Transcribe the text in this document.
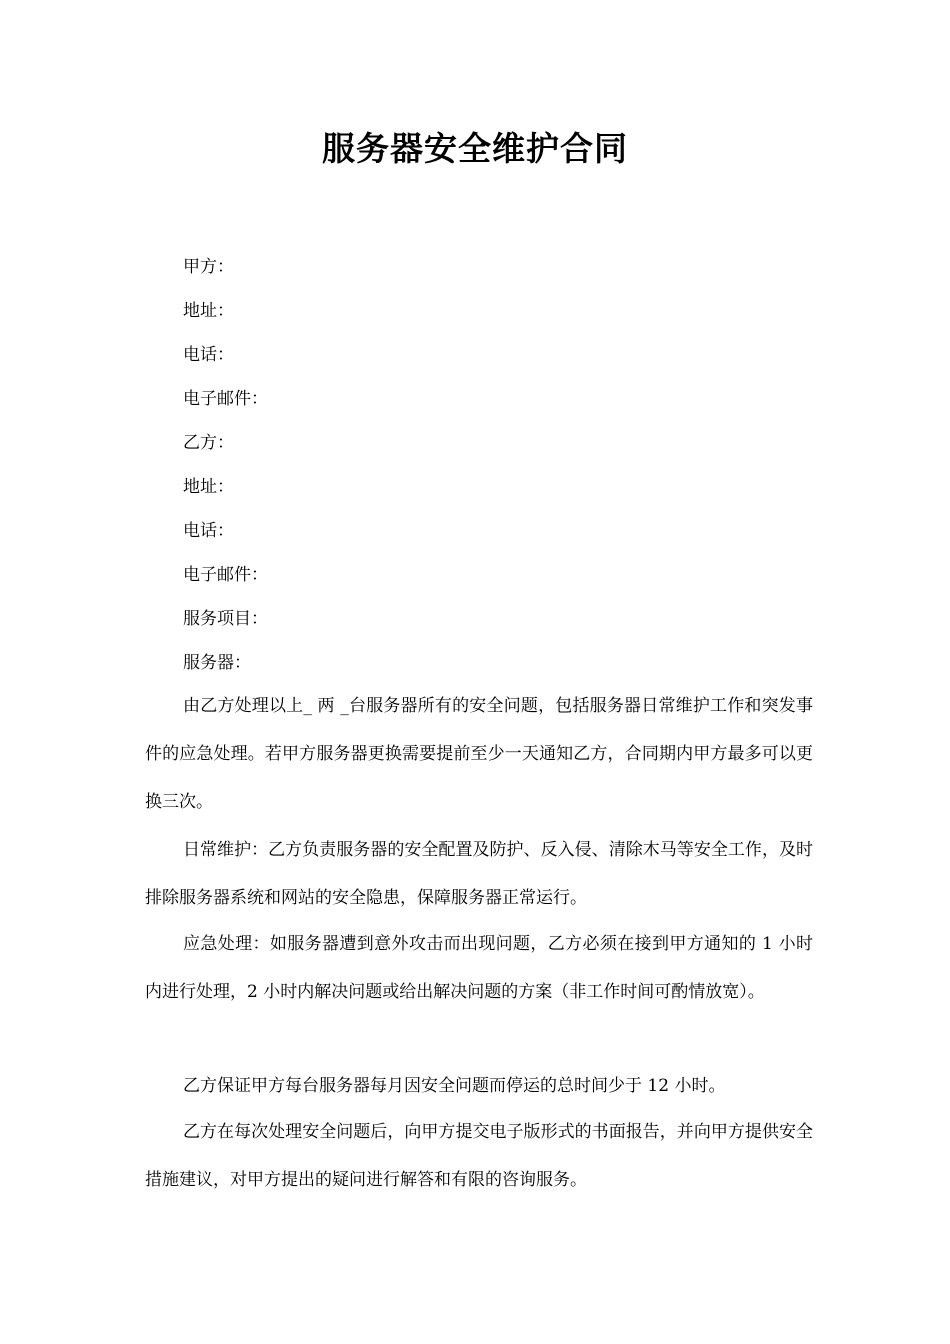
服务器安全维护合同

甲方：

地址：

电话：

电子邮件：

乙方：

地址：

电话：

电子邮件：

服务项目：

服务器：

由乙方处理以上_ 两 _台服务器所有的安全问题，包括服务器日常维护工作和突发事件的应急处理。若甲方服务器更换需要提前至少一天通知乙方，合同期内甲方最多可以更换三次。

日常维护：乙方负责服务器的安全配置及防护、反入侵、清除木马等安全工作，及时排除服务器系统和网站的安全隐患，保障服务器正常运行。

应急处理：如服务器遭到意外攻击而出现问题，乙方必须在接到甲方通知的 1 小时内进行处理，2 小时内解决问题或给出解决问题的方案（非工作时间可酌情放宽）。

乙方保证甲方每台服务器每月因安全问题而停运的总时间少于 12 小时。

乙方在每次处理安全问题后，向甲方提交电子版形式的书面报告，并向甲方提供安全措施建议，对甲方提出的疑问进行解答和有限的咨询服务。
